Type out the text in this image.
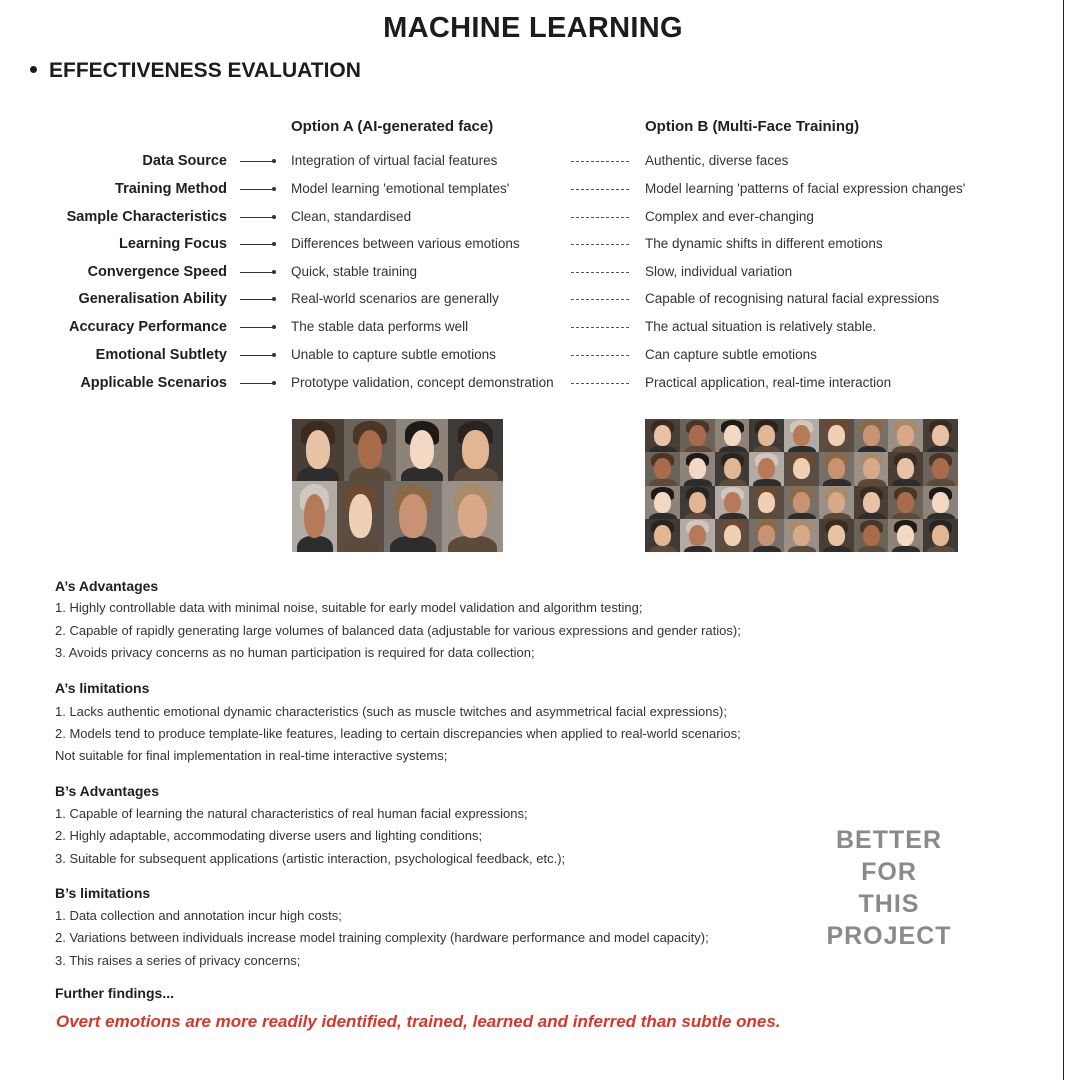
MACHINE LEARNING
EFFECTIVENESS EVALUATION
Option A (AI-generated face)	Option B (Multi-Face Training)
Data Source	Integration of virtual facial features	Authentic, diverse faces
Training Method	Model learning 'emotional templates'	Model learning 'patterns of facial expression changes'
Sample Characteristics	Clean, standardised	Complex and ever-changing
Learning Focus	Differences between various emotions	The dynamic shifts in different emotions
Convergence Speed	Quick, stable training	Slow, individual variation
Generalisation Ability	Real-world scenarios are generally	Capable of recognising natural facial expressions
Accuracy Performance	The stable data performs well	The actual situation is relatively stable.
Emotional Subtlety	Unable to capture subtle emotions	Can capture subtle emotions
Applicable Scenarios	Prototype validation, concept demonstration	Practical application, real-time interaction
A’s Advantages
1. Highly controllable data with minimal noise, suitable for early model validation and algorithm testing;
2. Capable of rapidly generating large volumes of balanced data (adjustable for various expressions and gender ratios);
3. Avoids privacy concerns as no human participation is required for data collection;
A’s limitations
1. Lacks authentic emotional dynamic characteristics (such as muscle twitches and asymmetrical facial expressions);
2. Models tend to produce template-like features, leading to certain discrepancies when applied to real-world scenarios;
Not suitable for final implementation in real-time interactive systems;
B’s Advantages
1. Capable of learning the natural characteristics of real human facial expressions;
2. Highly adaptable, accommodating diverse users and lighting conditions;
3. Suitable for subsequent applications (artistic interaction, psychological feedback, etc.);
B’s limitations
1. Data collection and annotation incur high costs;
2. Variations between individuals increase model training complexity (hardware performance and model capacity);
3. This raises a series of privacy concerns;
BETTER
FOR
THIS
PROJECT
Further findings...
Overt emotions are more readily identified, trained, learned and inferred than subtle ones.
